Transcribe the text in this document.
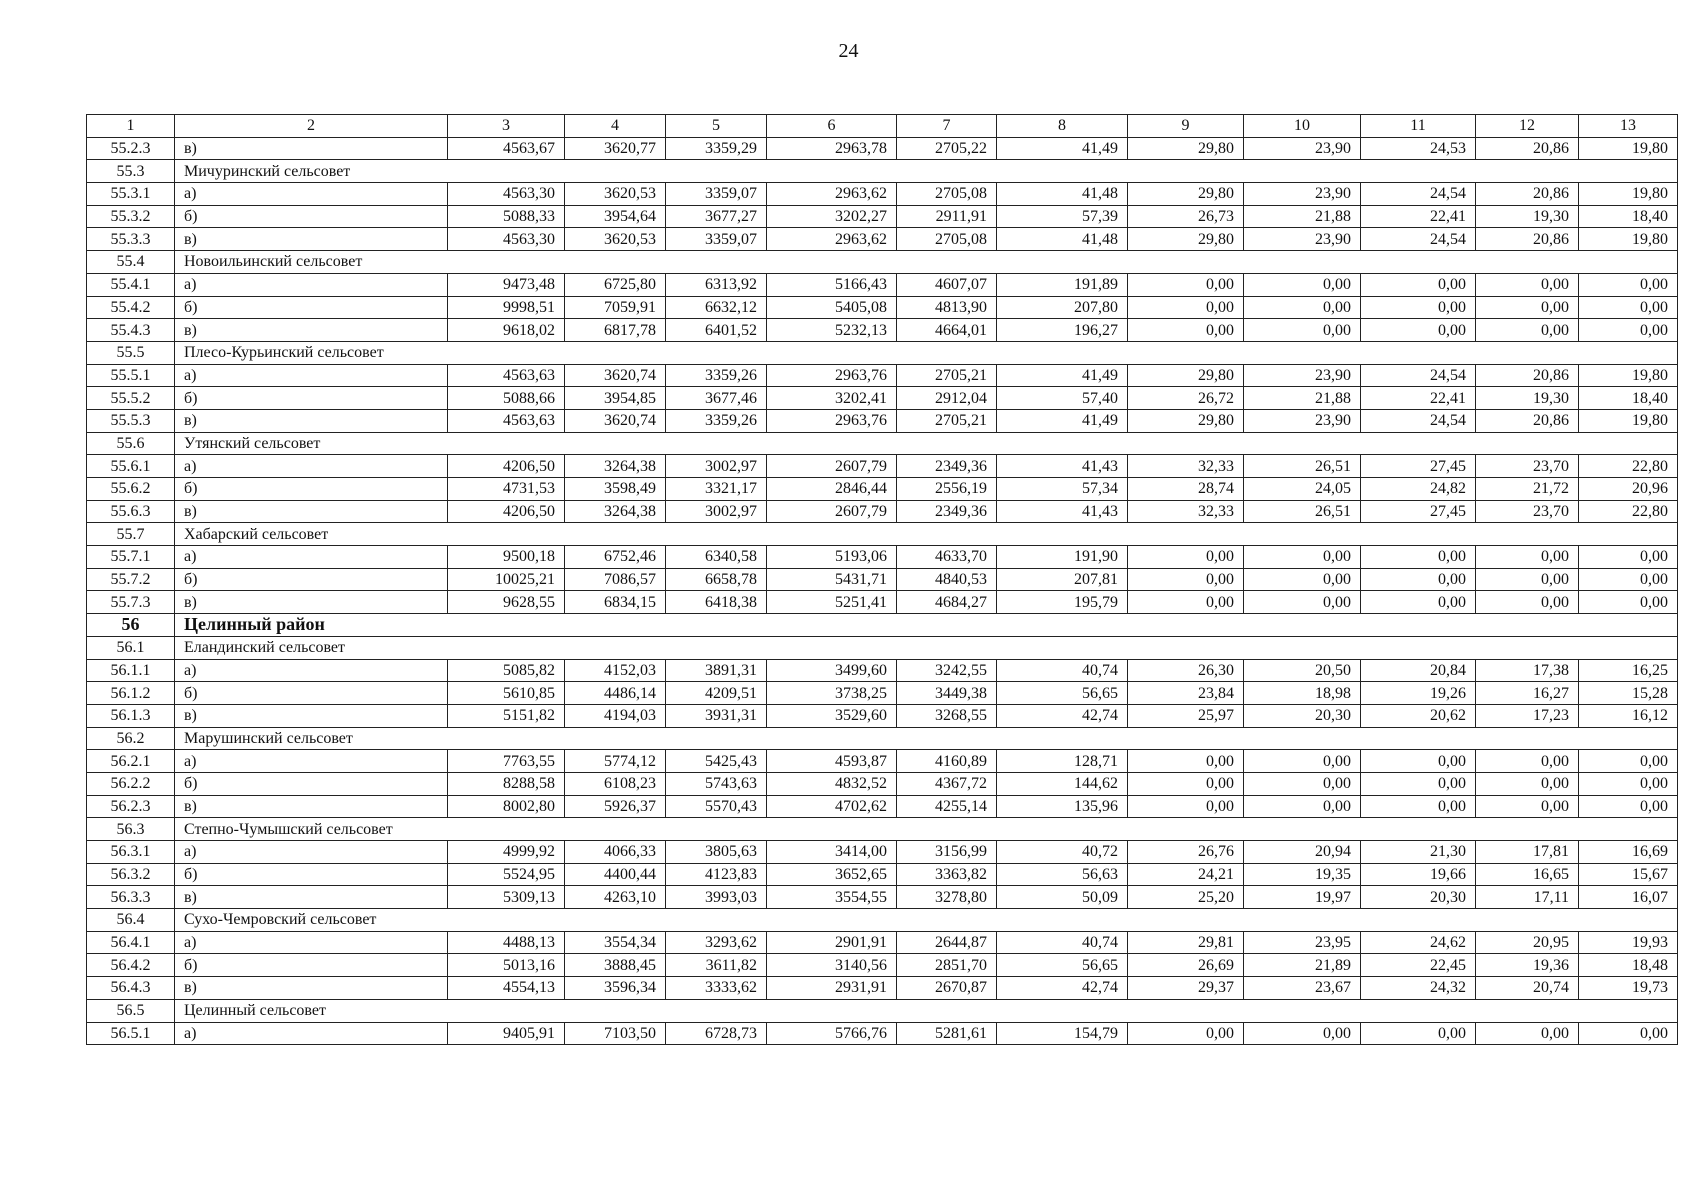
24
1	2	3	4	5	6	7	8	9	10	11	12	13
55.2.3	в)	4563,67	3620,77	3359,29	2963,78	2705,22	41,49	29,80	23,90	24,53	20,86	19,80
55.3	Мичуринский сельсовет											
55.3.1	а)	4563,30	3620,53	3359,07	2963,62	2705,08	41,48	29,80	23,90	24,54	20,86	19,80
55.3.2	б)	5088,33	3954,64	3677,27	3202,27	2911,91	57,39	26,73	21,88	22,41	19,30	18,40
55.3.3	в)	4563,30	3620,53	3359,07	2963,62	2705,08	41,48	29,80	23,90	24,54	20,86	19,80
55.4	Новоильинский сельсовет											
55.4.1	а)	9473,48	6725,80	6313,92	5166,43	4607,07	191,89	0,00	0,00	0,00	0,00	0,00
55.4.2	б)	9998,51	7059,91	6632,12	5405,08	4813,90	207,80	0,00	0,00	0,00	0,00	0,00
55.4.3	в)	9618,02	6817,78	6401,52	5232,13	4664,01	196,27	0,00	0,00	0,00	0,00	0,00
55.5	Плесо-Курьинский сельсовет											
55.5.1	а)	4563,63	3620,74	3359,26	2963,76	2705,21	41,49	29,80	23,90	24,54	20,86	19,80
55.5.2	б)	5088,66	3954,85	3677,46	3202,41	2912,04	57,40	26,72	21,88	22,41	19,30	18,40
55.5.3	в)	4563,63	3620,74	3359,26	2963,76	2705,21	41,49	29,80	23,90	24,54	20,86	19,80
55.6	Утянский сельсовет											
55.6.1	а)	4206,50	3264,38	3002,97	2607,79	2349,36	41,43	32,33	26,51	27,45	23,70	22,80
55.6.2	б)	4731,53	3598,49	3321,17	2846,44	2556,19	57,34	28,74	24,05	24,82	21,72	20,96
55.6.3	в)	4206,50	3264,38	3002,97	2607,79	2349,36	41,43	32,33	26,51	27,45	23,70	22,80
55.7	Хабарский сельсовет											
55.7.1	а)	9500,18	6752,46	6340,58	5193,06	4633,70	191,90	0,00	0,00	0,00	0,00	0,00
55.7.2	б)	10025,21	7086,57	6658,78	5431,71	4840,53	207,81	0,00	0,00	0,00	0,00	0,00
55.7.3	в)	9628,55	6834,15	6418,38	5251,41	4684,27	195,79	0,00	0,00	0,00	0,00	0,00
56	Целинный район											
56.1	Еландинский сельсовет											
56.1.1	а)	5085,82	4152,03	3891,31	3499,60	3242,55	40,74	26,30	20,50	20,84	17,38	16,25
56.1.2	б)	5610,85	4486,14	4209,51	3738,25	3449,38	56,65	23,84	18,98	19,26	16,27	15,28
56.1.3	в)	5151,82	4194,03	3931,31	3529,60	3268,55	42,74	25,97	20,30	20,62	17,23	16,12
56.2	Марушинский сельсовет											
56.2.1	а)	7763,55	5774,12	5425,43	4593,87	4160,89	128,71	0,00	0,00	0,00	0,00	0,00
56.2.2	б)	8288,58	6108,23	5743,63	4832,52	4367,72	144,62	0,00	0,00	0,00	0,00	0,00
56.2.3	в)	8002,80	5926,37	5570,43	4702,62	4255,14	135,96	0,00	0,00	0,00	0,00	0,00
56.3	Степно-Чумышский сельсовет											
56.3.1	а)	4999,92	4066,33	3805,63	3414,00	3156,99	40,72	26,76	20,94	21,30	17,81	16,69
56.3.2	б)	5524,95	4400,44	4123,83	3652,65	3363,82	56,63	24,21	19,35	19,66	16,65	15,67
56.3.3	в)	5309,13	4263,10	3993,03	3554,55	3278,80	50,09	25,20	19,97	20,30	17,11	16,07
56.4	Сухо-Чемровский сельсовет											
56.4.1	а)	4488,13	3554,34	3293,62	2901,91	2644,87	40,74	29,81	23,95	24,62	20,95	19,93
56.4.2	б)	5013,16	3888,45	3611,82	3140,56	2851,70	56,65	26,69	21,89	22,45	19,36	18,48
56.4.3	в)	4554,13	3596,34	3333,62	2931,91	2670,87	42,74	29,37	23,67	24,32	20,74	19,73
56.5	Целинный сельсовет											
56.5.1	а)	9405,91	7103,50	6728,73	5766,76	5281,61	154,79	0,00	0,00	0,00	0,00	0,00
